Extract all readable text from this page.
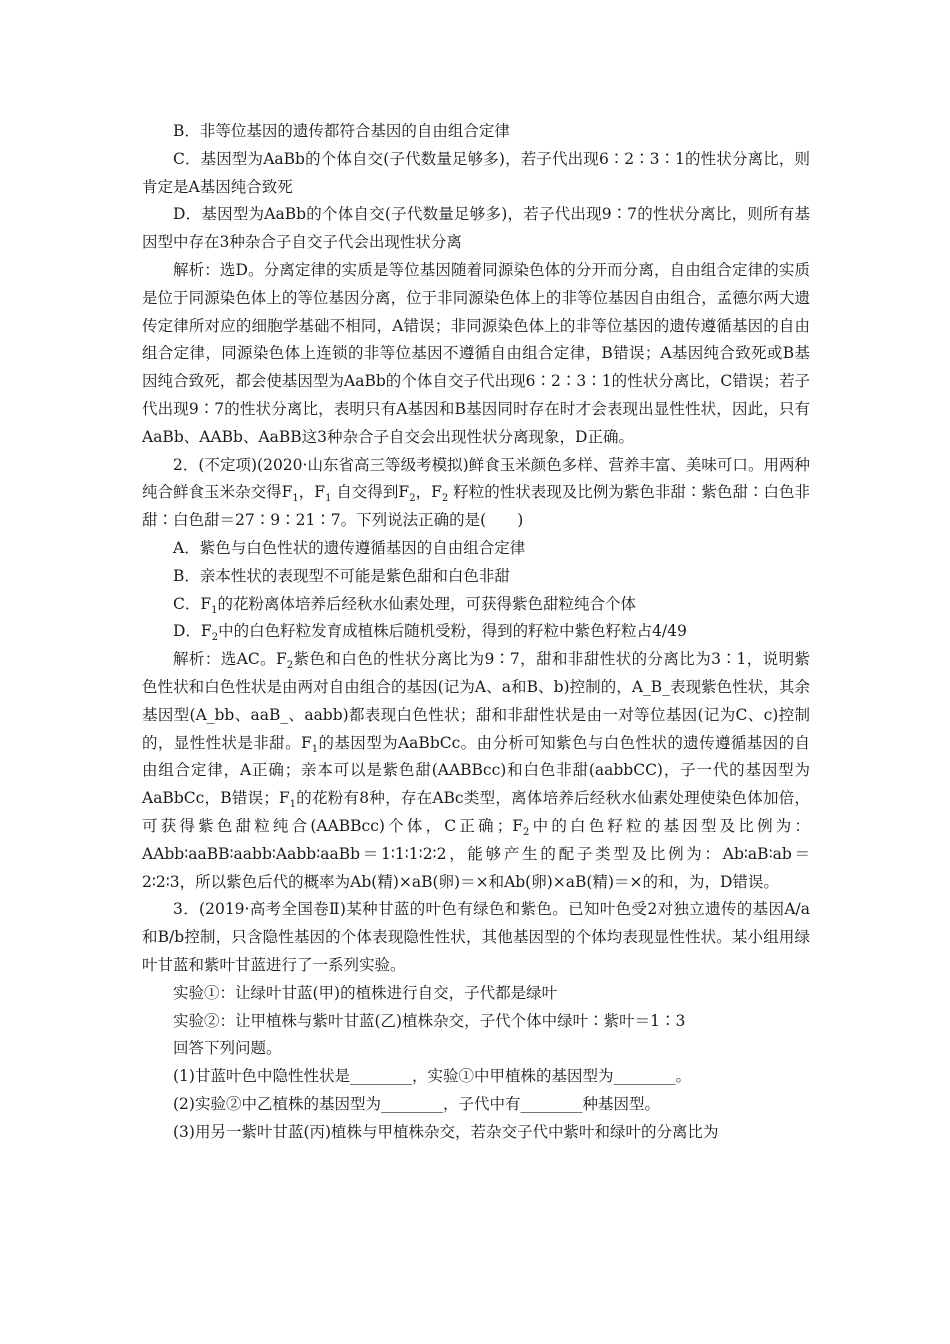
B．非等位基因的遗传都符合基因的自由组合定律

C．基因型为AaBb的个体自交(子代数量足够多)，若子代出现6∶2∶3∶1的性状分离比，则肯定是A基因纯合致死

D．基因型为AaBb的个体自交(子代数量足够多)，若子代出现9∶7的性状分离比，则所有基因型中存在3种杂合子自交子代会出现性状分离

解析：选D。分离定律的实质是等位基因随着同源染色体的分开而分离，自由组合定律的实质是位于同源染色体上的等位基因分离，位于非同源染色体上的非等位基因自由组合，孟德尔两大遗传定律所对应的细胞学基础不相同，A错误；非同源染色体上的非等位基因的遗传遵循基因的自由组合定律，同源染色体上连锁的非等位基因不遵循自由组合定律，B错误；A基因纯合致死或B基因纯合致死，都会使基因型为AaBb的个体自交子代出现6∶2∶3∶1的性状分离比，C错误；若子代出现9∶7的性状分离比，表明只有A基因和B基因同时存在时才会表现出显性性状，因此，只有AaBb、AABb、AaBB这3种杂合子自交会出现性状分离现象，D正确。

2．(不定项)(2020·山东省高三等级考模拟)鲜食玉米颜色多样、营养丰富、美味可口。用两种纯合鲜食玉米杂交得$F_1$，$F_1$ 自交得到$F_2$，$F_2$ 籽粒的性状表现及比例为紫色非甜∶紫色甜∶白色非甜∶白色甜＝27∶9∶21∶7。下列说法正确的是(　　)

A．紫色与白色性状的遗传遵循基因的自由组合定律

B．亲本性状的表现型不可能是紫色甜和白色非甜

C．$F_1$的花粉离体培养后经秋水仙素处理，可获得紫色甜粒纯合个体

D．$F_2$中的白色籽粒发育成植株后随机受粉，得到的籽粒中紫色籽粒占4/49

解析：选AC。$F_2$紫色和白色的性状分离比为9∶7，甜和非甜性状的分离比为3∶1，说明紫色性状和白色性状是由两对自由组合的基因(记为A、a和B、b)控制的，A_B_表现紫色性状，其余基因型(A_bb、aaB_、aabb)都表现白色性状；甜和非甜性状是由一对等位基因(记为C、c)控制的，显性性状是非甜。$F_1$的基因型为AaBbCc。由分析可知紫色与白色性状的遗传遵循基因的自由组合定律，A正确；亲本可以是紫色甜(AABBcc)和白色非甜(aabbCC)，子一代的基因型为AaBbCc，B错误；$F_1$的花粉有8种，存在ABc类型，离体培养后经秋水仙素处理使染色体加倍，可获得紫色甜粒纯合(AABBcc)个体，C正确；$F_2$中的白色籽粒的基因型及比例为：AAbb∶aaBB∶aabb∶Aabb∶aaBb＝1∶1∶1∶2∶2，能够产生的配子类型及比例为：Ab∶aB∶ab＝2∶2∶3，所以紫色后代的概率为Ab(精)×aB(卵)＝×和Ab(卵)×aB(精)＝×的和，为，D错误。

3．(2019·高考全国卷Ⅱ)某种甘蓝的叶色有绿色和紫色。已知叶色受2对独立遗传的基因A/a和B/b控制，只含隐性基因的个体表现隐性性状，其他基因型的个体均表现显性性状。某小组用绿叶甘蓝和紫叶甘蓝进行了一系列实验。

实验①：让绿叶甘蓝(甲)的植株进行自交，子代都是绿叶

实验②：让甲植株与紫叶甘蓝(乙)植株杂交，子代个体中绿叶∶紫叶＝1∶3

回答下列问题。

(1)甘蓝叶色中隐性性状是________，实验①中甲植株的基因型为________。

(2)实验②中乙植株的基因型为________，子代中有________种基因型。

(3)用另一紫叶甘蓝(丙)植株与甲植株杂交，若杂交子代中紫叶和绿叶的分离比为
